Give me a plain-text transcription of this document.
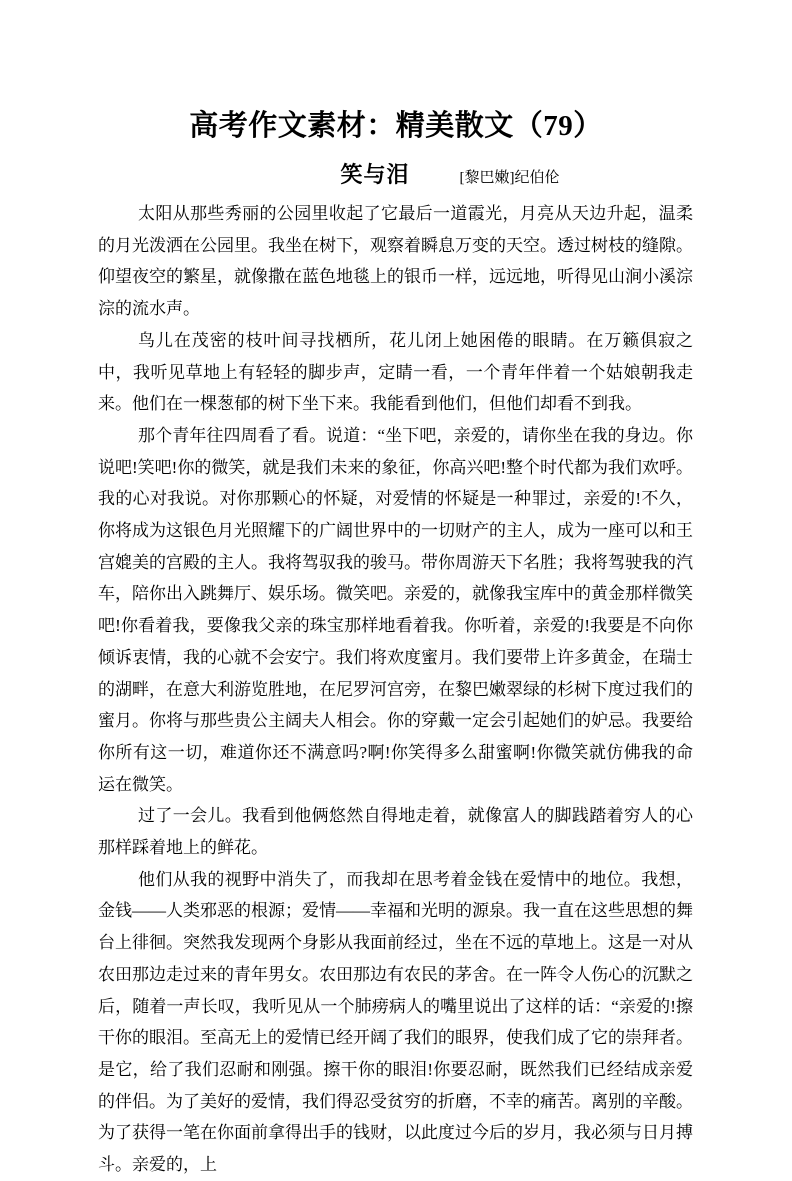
高考作文素材：精美散文（79）
笑与泪	[黎巴嫩]纪伯伦

太阳从那些秀丽的公园里收起了它最后一道霞光，月亮从天边升起，温柔的月光泼洒在公园里。我坐在树下，观察着瞬息万变的天空。透过树枝的缝隙。仰望夜空的繁星，就像撒在蓝色地毯上的银币一样，远远地，听得见山涧小溪淙淙的流水声。

鸟儿在茂密的枝叶间寻找栖所，花儿闭上她困倦的眼睛。在万籁俱寂之中，我听见草地上有轻轻的脚步声，定睛一看，一个青年伴着一个姑娘朝我走来。他们在一棵葱郁的树下坐下来。我能看到他们，但他们却看不到我。

那个青年往四周看了看。说道：“坐下吧，亲爱的，请你坐在我的身边。你说吧!笑吧!你的微笑，就是我们未来的象征，你高兴吧!整个时代都为我们欢呼。我的心对我说。对你那颗心的怀疑，对爱情的怀疑是一种罪过，亲爱的!不久，你将成为这银色月光照耀下的广阔世界中的一切财产的主人，成为一座可以和王宫媲美的宫殿的主人。我将驾驭我的骏马。带你周游天下名胜；我将驾驶我的汽车，陪你出入跳舞厅、娱乐场。微笑吧。亲爱的，就像我宝库中的黄金那样微笑吧!你看着我，要像我父亲的珠宝那样地看着我。你听着，亲爱的!我要是不向你倾诉衷情，我的心就不会安宁。我们将欢度蜜月。我们要带上许多黄金，在瑞士的湖畔，在意大利游览胜地，在尼罗河宫旁，在黎巴嫩翠绿的杉树下度过我们的蜜月。你将与那些贵公主阔夫人相会。你的穿戴一定会引起她们的妒忌。我要给你所有这一切，难道你还不满意吗?啊!你笑得多么甜蜜啊!你微笑就仿佛我的命运在微笑。

过了一会儿。我看到他俩悠然自得地走着，就像富人的脚践踏着穷人的心那样踩着地上的鲜花。

他们从我的视野中消失了，而我却在思考着金钱在爱情中的地位。我想，金钱——人类邪恶的根源；爱情——幸福和光明的源泉。我一直在这些思想的舞台上徘徊。突然我发现两个身影从我面前经过，坐在不远的草地上。这是一对从农田那边走过来的青年男女。农田那边有农民的茅舍。在一阵令人伤心的沉默之后，随着一声长叹，我听见从一个肺痨病人的嘴里说出了这样的话：“亲爱的!擦干你的眼泪。至高无上的爱情已经开阔了我们的眼界，使我们成了它的崇拜者。是它，给了我们忍耐和刚强。擦干你的眼泪!你要忍耐，既然我们已经结成亲爱的伴侣。为了美好的爱情，我们得忍受贫穷的折磨，不幸的痛苦。离别的辛酸。为了获得一笔在你面前拿得出手的钱财，以此度过今后的岁月，我必须与日月搏斗。亲爱的，上
